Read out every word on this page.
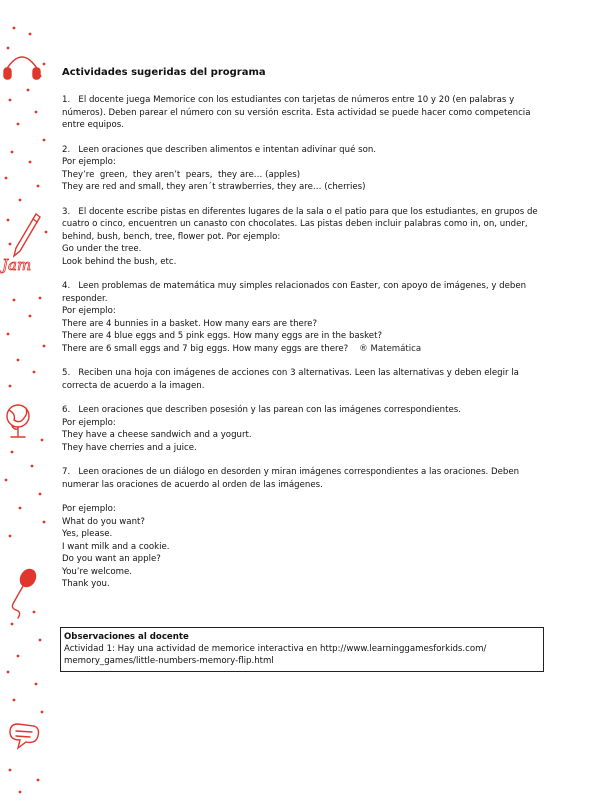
Jam
Actividades sugeridas del programa
1. El docente juega Memorice con los estudiantes con tarjetas de números entre 10 y 20 (en palabras y números). Deben parear el número con su versión escrita. Esta actividad se puede hacer como competencia entre equipos.
2. Leen oraciones que describen alimentos e intentan adivinar qué son.
Por ejemplo:
They’re  green,  they aren’t  pears,  they are… (apples)
They are red and small, they aren´t strawberries, they are… (cherries)
3. El docente escribe pistas en diferentes lugares de la sala o el patio para que los estudiantes, en grupos de cuatro o cinco, encuentren un canasto con chocolates. Las pistas deben incluir palabras como in, on, under, behind, bush, bench, tree, flower pot. Por ejemplo:
Go under the tree.
Look behind the bush, etc.
4. Leen problemas de matemática muy simples relacionados con Easter, con apoyo de imágenes, y deben responder.
Por ejemplo:
There are 4 bunnies in a basket. How many ears are there?
There are 4 blue eggs and 5 pink eggs. How many eggs are in the basket?
There are 6 small eggs and 7 big eggs. How many eggs are there? ® Matemática
5. Reciben una hoja con imágenes de acciones con 3 alternativas. Leen las alternativas y deben elegir la correcta de acuerdo a la imagen.
6. Leen oraciones que describen posesión y las parean con las imágenes correspondientes.
Por ejemplo:
They have a cheese sandwich and a yogurt.
They have cherries and a juice.
7. Leen oraciones de un diálogo en desorden y miran imágenes correspondientes a las oraciones. Deben numerar las oraciones de acuerdo al orden de las imágenes.
Por ejemplo:
What do you want?
Yes, please.
I want milk and a cookie.
Do you want an apple?
You’re welcome.
Thank you.
Observaciones al docente
Actividad 1: Hay una actividad de memorice interactiva en http://www.learninggamesforkids.com/ memory_games/little-numbers-memory-flip.html
